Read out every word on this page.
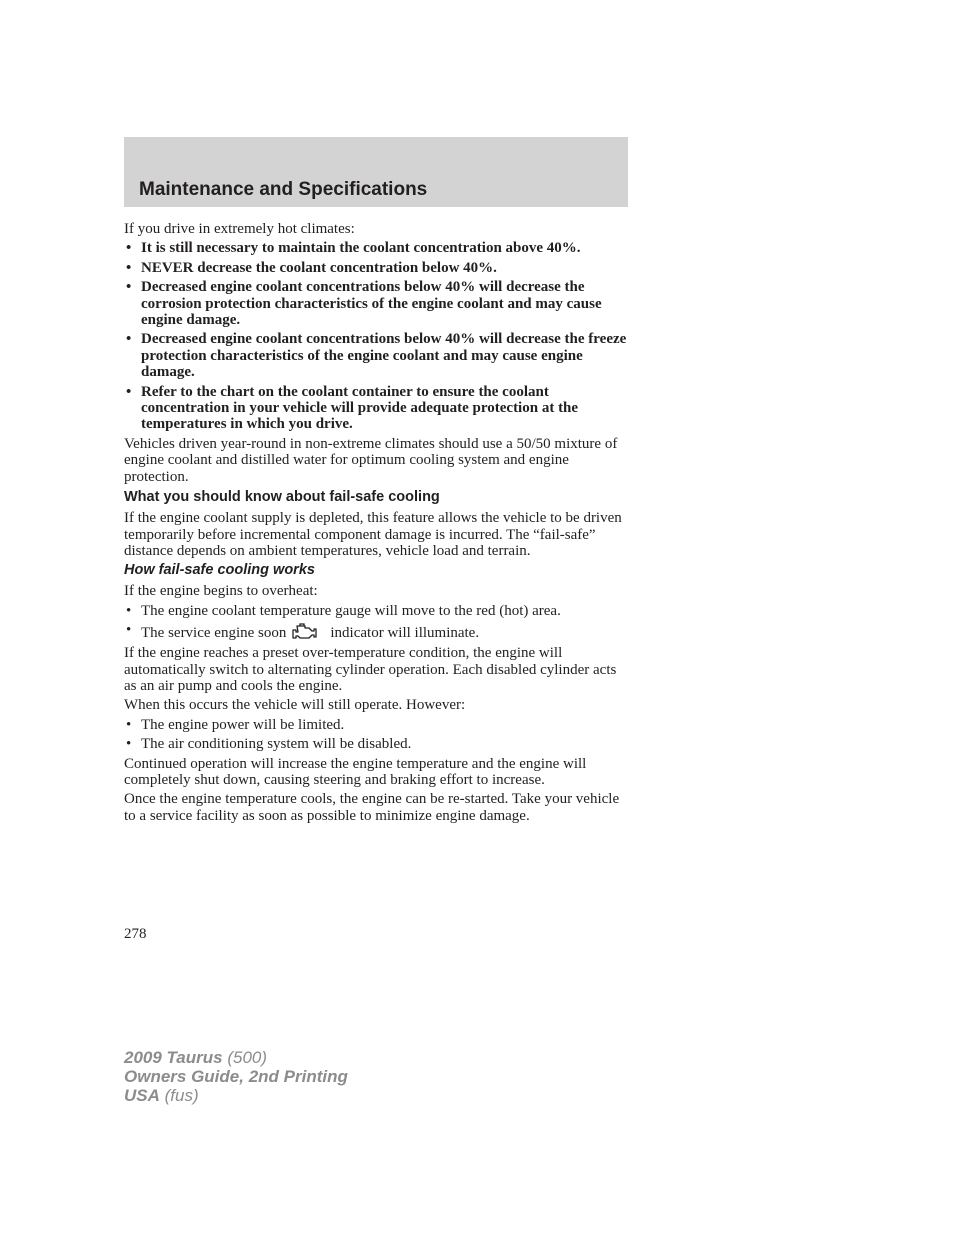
Maintenance and Specifications

If you drive in extremely hot climates:

• It is still necessary to maintain the coolant concentration above 40%.
• NEVER decrease the coolant concentration below 40%.
• Decreased engine coolant concentrations below 40% will decrease the corrosion protection characteristics of the engine coolant and may cause engine damage.
• Decreased engine coolant concentrations below 40% will decrease the freeze protection characteristics of the engine coolant and may cause engine damage.
• Refer to the chart on the coolant container to ensure the coolant concentration in your vehicle will provide adequate protection at the temperatures in which you drive.

Vehicles driven year-round in non-extreme climates should use a 50/50 mixture of engine coolant and distilled water for optimum cooling system and engine protection.

What you should know about fail-safe cooling

If the engine coolant supply is depleted, this feature allows the vehicle to be driven temporarily before incremental component damage is incurred. The “fail-safe” distance depends on ambient temperatures, vehicle load and terrain.

How fail-safe cooling works

If the engine begins to overheat:

• The engine coolant temperature gauge will move to the red (hot) area.
• The service engine soon	indicator will illuminate.

If the engine reaches a preset over-temperature condition, the engine will automatically switch to alternating cylinder operation. Each disabled cylinder acts as an air pump and cools the engine.

When this occurs the vehicle will still operate. However:

• The engine power will be limited.
• The air conditioning system will be disabled.

Continued operation will increase the engine temperature and the engine will completely shut down, causing steering and braking effort to increase.

Once the engine temperature cools, the engine can be re-started. Take your vehicle to a service facility as soon as possible to minimize engine damage.

278

2009 Taurus (500)
Owners Guide, 2nd Printing
USA (fus)
